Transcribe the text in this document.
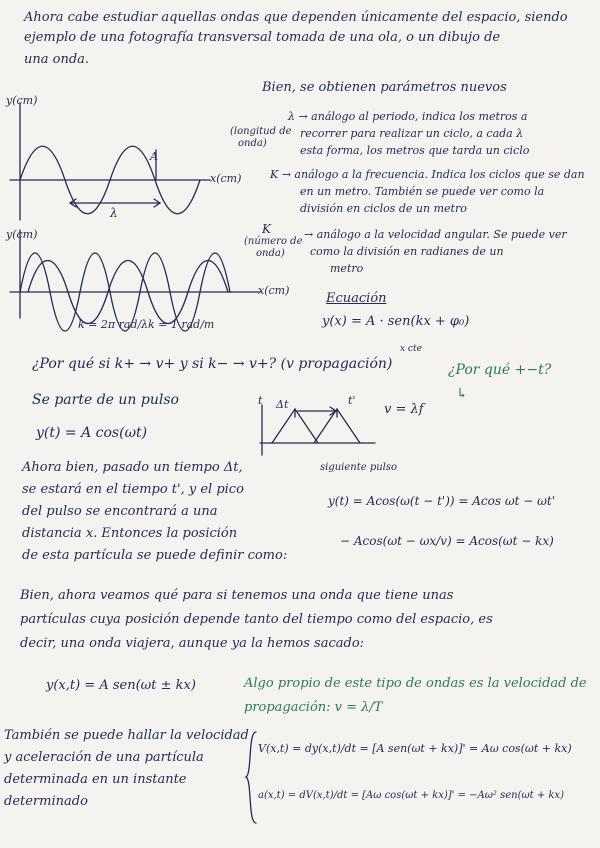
Ahora cabe estudiar aquellas ondas que dependen únicamente del espacio, siendo
ejemplo de una fotografía transversal tomada de una ola, o un dibujo de
una onda.
y(cm)
x(cm)
A
λ
y(cm)
x(cm)
k = 2π rad/λ k = 1 rad/m
Bien, se obtienen parámetros nuevos
(longitud de
onda)
λ → análogo al periodo, indica los metros a
recorrer para realizar un ciclo, a cada λ
esta forma, los metros que tarda un ciclo
K → análogo a la frecuencia. Indica los ciclos que se dan
en un metro. También se puede ver como la
división en ciclos de un metro
K
(número de
onda)
→ análogo a la velocidad angular. Se puede ver
como la división en radianes de un
metro
Ecuación
y(x) = A · sen(kx + φ₀)
x cte
¿Por qué si k+ → v+ y si k− → v+? (v propagación)	¿Por qué +−t?
↳
Se parte de un pulso
y(t) = A cos(ωt)
Δt
t	t'
siguiente pulso
v = λf
Ahora bien, pasado un tiempo Δt,
se estará en el tiempo t', y el pico
del pulso se encontrará a una
distancia x. Entonces la posición
de esta partícula se puede definir como:
y(t) = Acos(ω(t − t')) = Acos ωt − ωt'
− Acos(ωt − ωx/v) = Acos(ωt − kx)
Bien, ahora veamos qué para si tenemos una onda que tiene unas
partículas cuya posición depende tanto del tiempo como del espacio, es
decir, una onda viajera, aunque ya la hemos sacado:
y(x,t) = A sen(ωt ± kx)	Algo propio de este tipo de ondas es la velocidad de
propagación: v = λ/T
También se puede hallar la velocidad
y aceleración de una partícula
determinada en un instante
determinado
V(x,t) = dy(x,t)/dt = [A sen(ωt + kx)]' = Aω cos(ωt + kx)
a(x,t) = dV(x,t)/dt = [Aω cos(ωt + kx)]' = −Aω² sen(ωt + kx)
